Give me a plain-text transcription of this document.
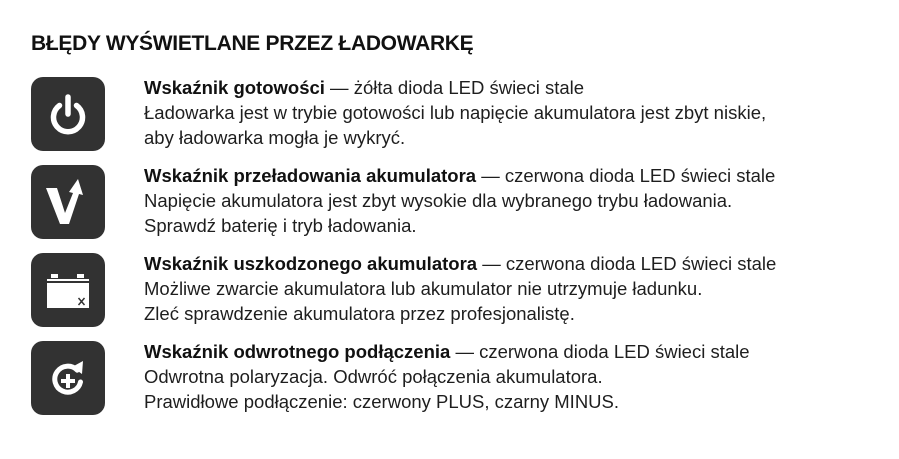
BŁĘDY WYŚWIETLANE PRZEZ ŁADOWARKĘ
Wskaźnik gotowości — żółta dioda LED świeci stale
Ładowarka jest w trybie gotowości lub napięcie akumulatora jest zbyt niskie,
aby ładowarka mogła je wykryć.
Wskaźnik przeładowania akumulatora — czerwona dioda LED świeci stale
Napięcie akumulatora jest zbyt wysokie dla wybranego trybu ładowania.
Sprawdź baterię i tryb ładowania.
Wskaźnik uszkodzonego akumulatora — czerwona dioda LED świeci stale
Możliwe zwarcie akumulatora lub akumulator nie utrzymuje ładunku.
Zleć sprawdzenie akumulatora przez profesjonalistę.
Wskaźnik odwrotnego podłączenia — czerwona dioda LED świeci stale
Odwrotna polaryzacja. Odwróć połączenia akumulatora.
Prawidłowe podłączenie: czerwony PLUS, czarny MINUS.
